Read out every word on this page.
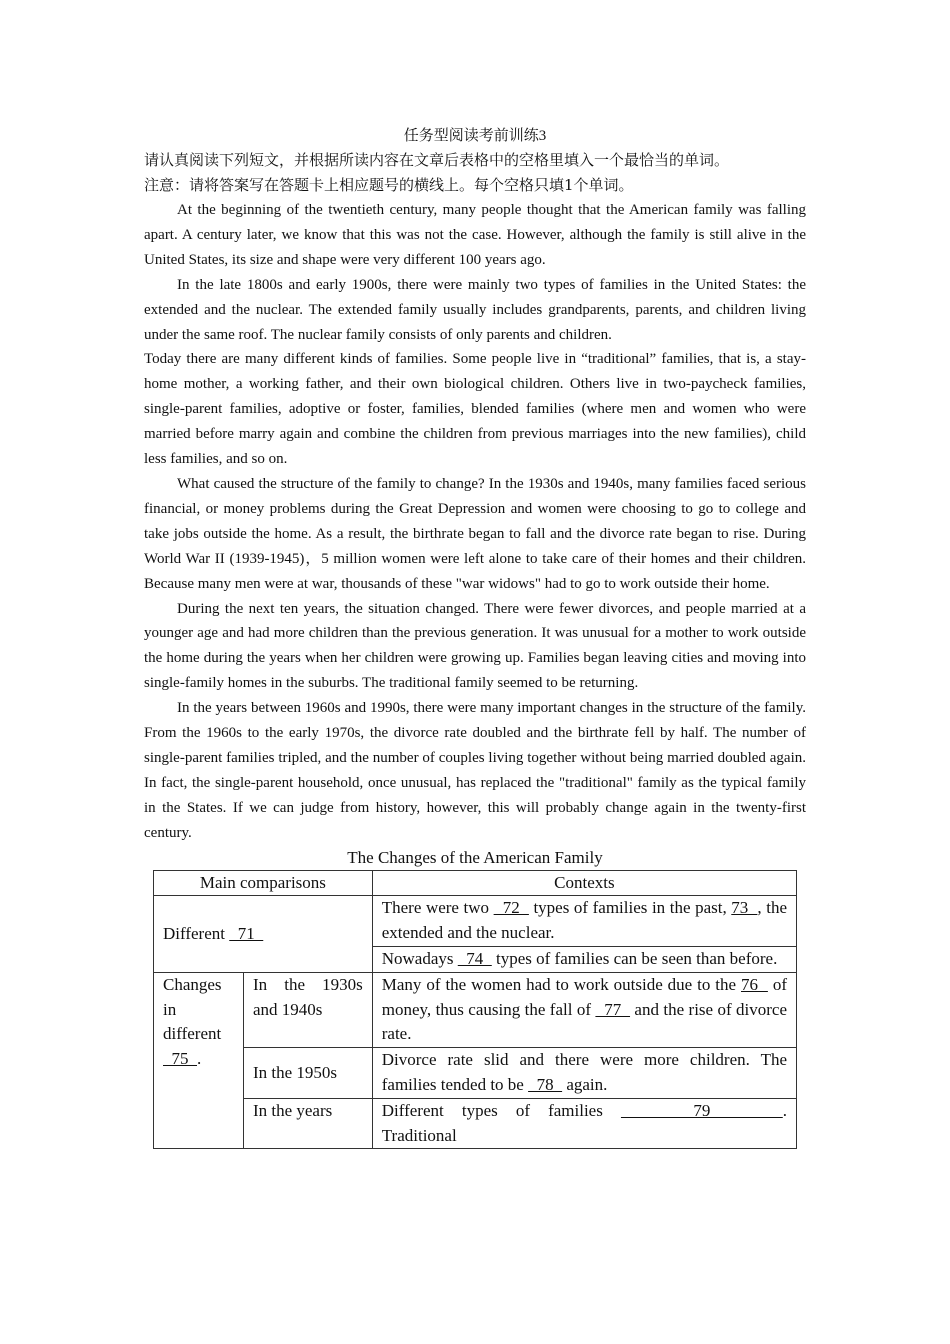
任务型阅读考前训练3

请认真阅读下列短文，并根据所读内容在文章后表格中的空格里填入一个最恰当的单词。

注意：请将答案写在答题卡上相应题号的横线上。每个空格只填1个单词。

At the beginning of the twentieth century, many people thought that the American family was falling apart. A century later, we know that this was not the case. However, although the family is still alive in the United States, its size and shape were very different 100 years ago.

In the late 1800s and early 1900s, there were mainly two types of families in the United States: the extended and the nuclear. The extended family usually includes grandparents, parents, and children living under the same roof. The nuclear family consists of only parents and children.

Today there are many different kinds of families. Some people live in “traditional” families, that is, a stay-home mother, a working father, and their own biological children. Others live in two-paycheck families, single-parent families, adoptive or foster, families, blended families (where men and women who were married before marry again and combine the children from previous marriages into the new families), child less families, and so on.

What caused the structure of the family to change? In the 1930s and 1940s, many families faced serious financial, or money problems during the Great Depression and women were choosing to go to college and take jobs outside the home. As a result, the birthrate began to fall and the divorce rate began to rise. During World War II (1939-1945)，5 million women were left alone to take care of their homes and their children. Because many men were at war, thousands of these "war widows" had to go to work outside their home.

During the next ten years, the situation changed. There were fewer divorces, and people married at a younger age and had more children than the previous generation. It was unusual for a mother to work outside the home during the years when her children were growing up. Families began leaving cities and moving into single-family homes in the suburbs. The traditional family seemed to be returning.

In the years between 1960s and 1990s, there were many important changes in the structure of the family. From the 1960s to the early 1970s, the divorce rate doubled and the birthrate fell by half. The number of single-parent families tripled, and the number of couples living together without being married doubled again. In fact, the single-parent household, once unusual, has replaced the "traditional" family as the typical family in the States. If we can judge from history, however, this will probably change again in the twenty-first century.

The Changes of the American Family

Main comparisons		Contexts
Different   71		There were two   72   types of families in the past, 73  , the extended and the nuclear.
		Nowadays   74   types of families can be seen than before.
Changes in different   75  .	In the 1930s and 1940s	Many of the women had to work outside due to the 76   of money, thus causing the fall of   77   and the rise of divorce rate.
	In the 1950s	Divorce rate slid and there were more children. The families tended to be   78   again.
	In the years	Different types of families     79    . Traditional
